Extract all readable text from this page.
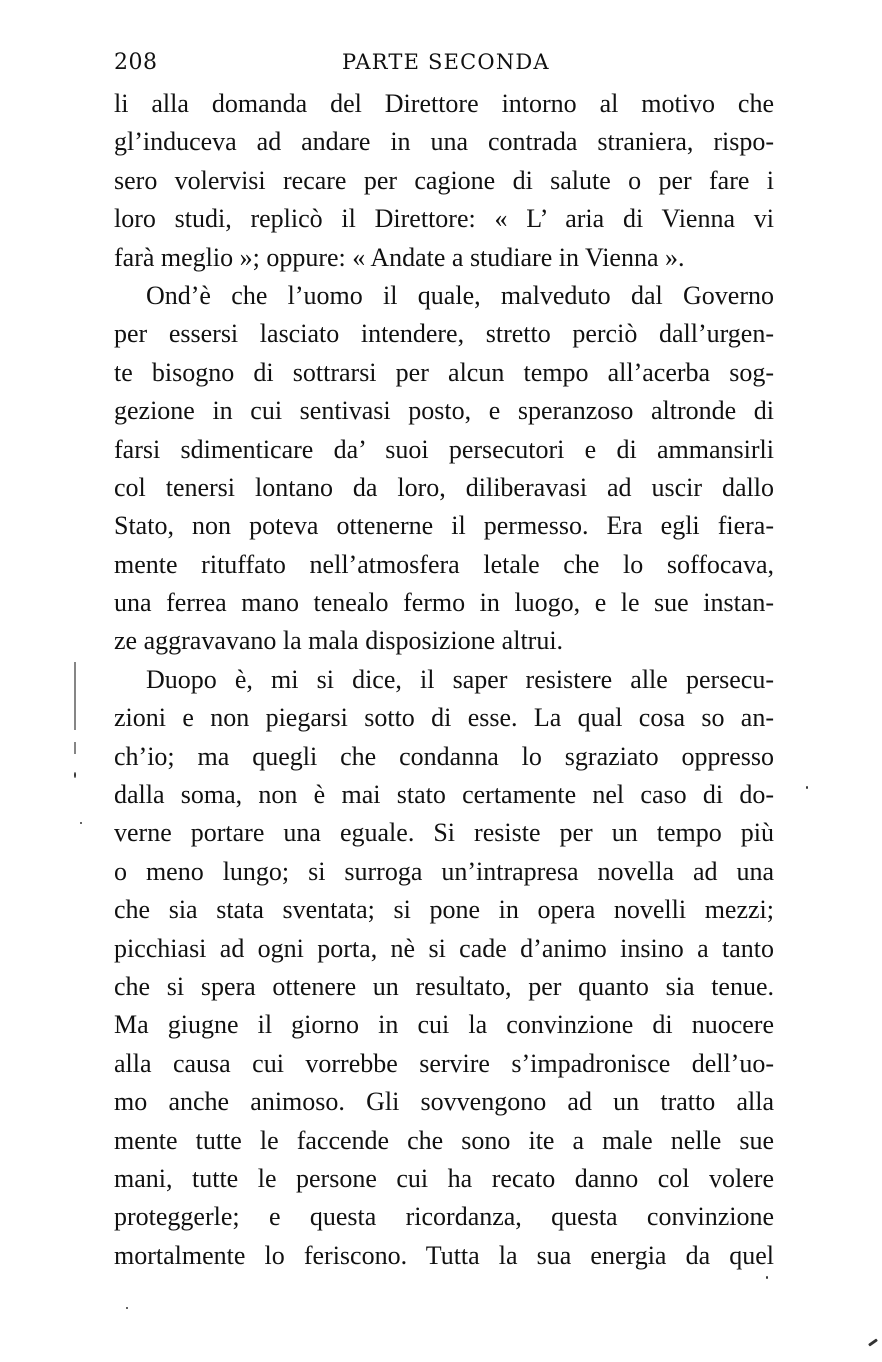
208	PARTE SECONDA
li alla domanda del Direttore intorno al motivo che
gl’induceva ad andare in una contrada straniera, rispo-
sero volervisi recare per cagione di salute o per fare i
loro studi, replicò il Direttore: « L’ aria di Vienna vi
farà meglio »; oppure: « Andate a studiare in Vienna ».
Ond’è che l’uomo il quale, malveduto dal Governo
per essersi lasciato intendere, stretto perciò dall’urgen-
te bisogno di sottrarsi per alcun tempo all’acerba sog-
gezione in cui sentivasi posto, e speranzoso altronde di
farsi sdimenticare da’ suoi persecutori e di ammansirli
col tenersi lontano da loro, diliberavasi ad uscir dallo
Stato, non poteva ottenerne il permesso. Era egli fiera-
mente rituffato nell’atmosfera letale che lo soffocava,
una ferrea mano tenealo fermo in luogo, e le sue instan-
ze aggravavano la mala disposizione altrui.
Duopo è, mi si dice, il saper resistere alle persecu-
zioni e non piegarsi sotto di esse. La qual cosa so an-
ch’io; ma quegli che condanna lo sgraziato oppresso
dalla soma, non è mai stato certamente nel caso di do-
verne portare una eguale. Si resiste per un tempo più
o meno lungo; si surroga un’intrapresa novella ad una
che sia stata sventata; si pone in opera novelli mezzi;
picchiasi ad ogni porta, nè si cade d’animo insino a tanto
che si spera ottenere un resultato, per quanto sia tenue.
Ma giugne il giorno in cui la convinzione di nuocere
alla causa cui vorrebbe servire s’impadronisce dell’uo-
mo anche animoso. Gli sovvengono ad un tratto alla
mente tutte le faccende che sono ite a male nelle sue
mani, tutte le persone cui ha recato danno col volere
proteggerle; e questa ricordanza, questa convinzione
mortalmente lo feriscono. Tutta la sua energia da quel
